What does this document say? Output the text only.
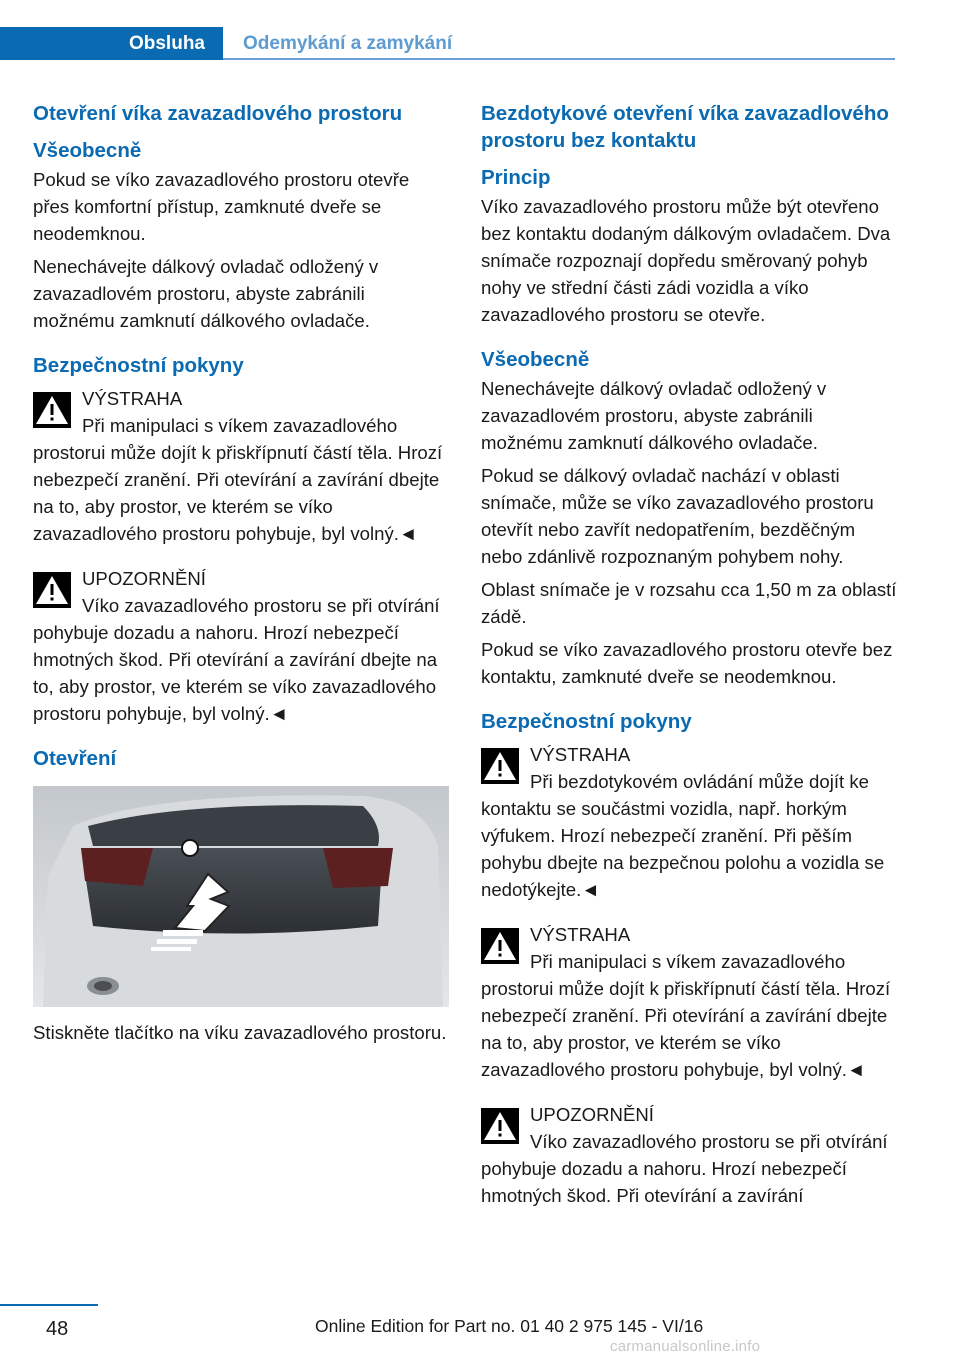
Obsluha	Odemykání a zamykání
Otevření víka zavazadlového prostoru
Všeobecně

Pokud se víko zavazadlového prostoru otevře přes komfortní přístup, zamknuté dveře se neodemknou.

Nenechávejte dálkový ovladač odložený v zavazadlovém prostoru, abyste zabránili možnému zamknutí dálkového ovladače.

Bezpečnostní pokyny
VÝSTRAHA
Při manipulaci s víkem zavazadlového prostorui může dojít k přiskřípnutí částí těla. Hrozí nebezpečí zranění. Při otevírání a zavírání dbejte na to, aby prostor, ve kterém se víko zavazadlového prostoru pohybuje, byl volný.◄
UPOZORNĚNÍ
Víko zavazadlového prostoru se při otvírání pohybuje dozadu a nahoru. Hrozí nebezpečí hmotných škod. Při otevírání a zavírání dbejte na to, aby prostor, ve kterém se víko zavazadlového prostoru pohybuje, byl volný.◄
Otevření

Stiskněte tlačítko na víku zavazadlového prostoru.

Bezdotykové otevření víka zavazadlového prostoru bez kontaktu
Princip

Víko zavazadlového prostoru může být otevřeno bez kontaktu dodaným dálkovým ovladačem. Dva snímače rozpoznají dopředu směrovaný pohyb nohy ve střední části zádi vozidla a víko zavazadlového prostoru se otevře.

Všeobecně

Nenechávejte dálkový ovladač odložený v zavazadlovém prostoru, abyste zabránili možnému zamknutí dálkového ovladače.

Pokud se dálkový ovladač nachází v oblasti snímače, může se víko zavazadlového prostoru otevřít nebo zavřít nedopatřením, bezděčným nebo zdánlivě rozpoznaným pohybem nohy.

Oblast snímače je v rozsahu cca 1,50 m za oblastí zádě.

Pokud se víko zavazadlového prostoru otevře bez kontaktu, zamknuté dveře se neodemknou.

Bezpečnostní pokyny
VÝSTRAHA
Při bezdotykovém ovládání může dojít ke kontaktu se součástmi vozidla, např. horkým výfukem. Hrozí nebezpečí zranění. Při pěším pohybu dbejte na bezpečnou polohu a vozidla se nedotýkejte.◄
VÝSTRAHA
Při manipulaci s víkem zavazadlového prostorui může dojít k přiskřípnutí částí těla. Hrozí nebezpečí zranění. Při otevírání a zavírání dbejte na to, aby prostor, ve kterém se víko zavazadlového prostoru pohybuje, byl volný.◄
UPOZORNĚNÍ
Víko zavazadlového prostoru se při otvírání pohybuje dozadu a nahoru. Hrozí nebezpečí hmotných škod. Při otevírání a zavírání
48	Online Edition for Part no. 01 40 2 975 145 - VI/16
carmanualsonline.info
